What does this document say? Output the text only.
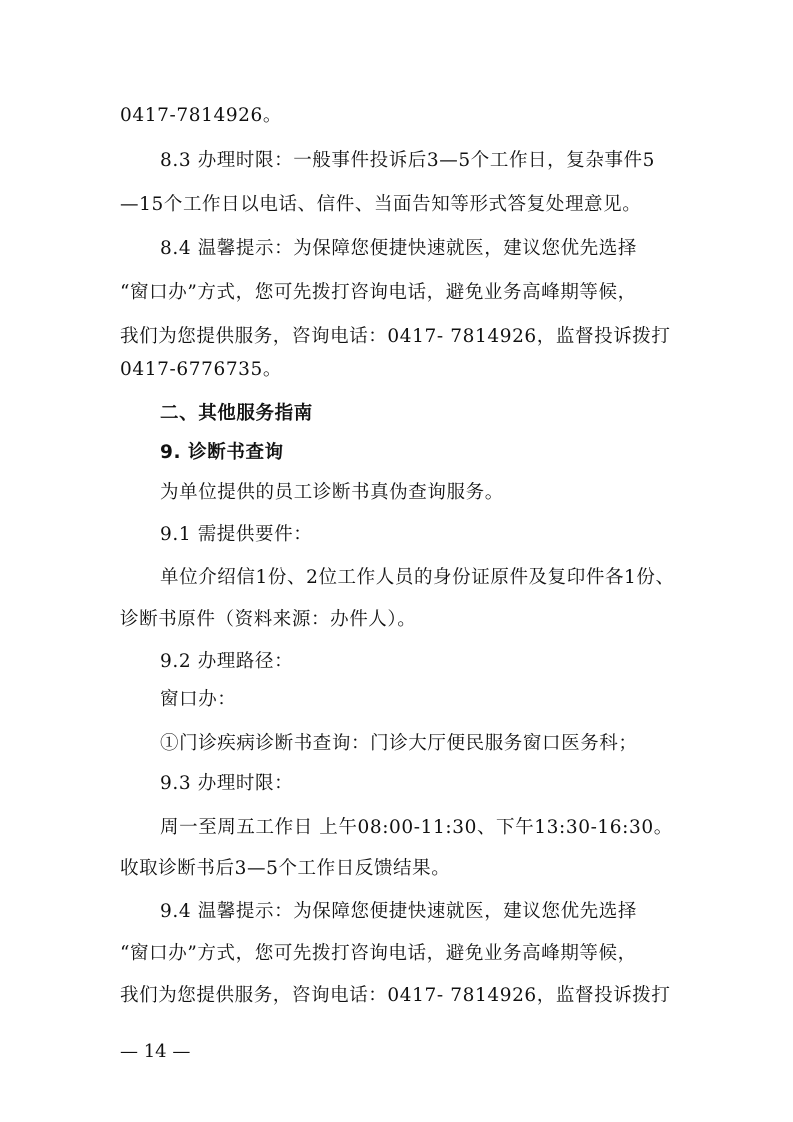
0417-7814926。
8.3 办理时限：一般事件投诉后3—5个工作日，复杂事件5
—15个工作日以电话、信件、当面告知等形式答复处理意见。
8.4 温馨提示：为保障您便捷快速就医，建议您优先选择
“窗口办”方式，您可先拨打咨询电话，避免业务高峰期等候，
我们为您提供服务，咨询电话：0417- 7814926，监督投诉拨打
0417-6776735。
二、其他服务指南
9. 诊断书查询
为单位提供的员工诊断书真伪查询服务。
9.1 需提供要件：
单位介绍信1份、2位工作人员的身份证原件及复印件各1份、
诊断书原件（资料来源：办件人）。
9.2 办理路径：
窗口办：
①门诊疾病诊断书查询：门诊大厅便民服务窗口医务科；
9.3 办理时限：
周一至周五工作日 上午08:00-11:30、下午13:30-16:30。
收取诊断书后3—5个工作日反馈结果。
9.4 温馨提示：为保障您便捷快速就医，建议您优先选择
“窗口办”方式，您可先拨打咨询电话，避免业务高峰期等候，
我们为您提供服务，咨询电话：0417- 7814926，监督投诉拨打
— 14 —
